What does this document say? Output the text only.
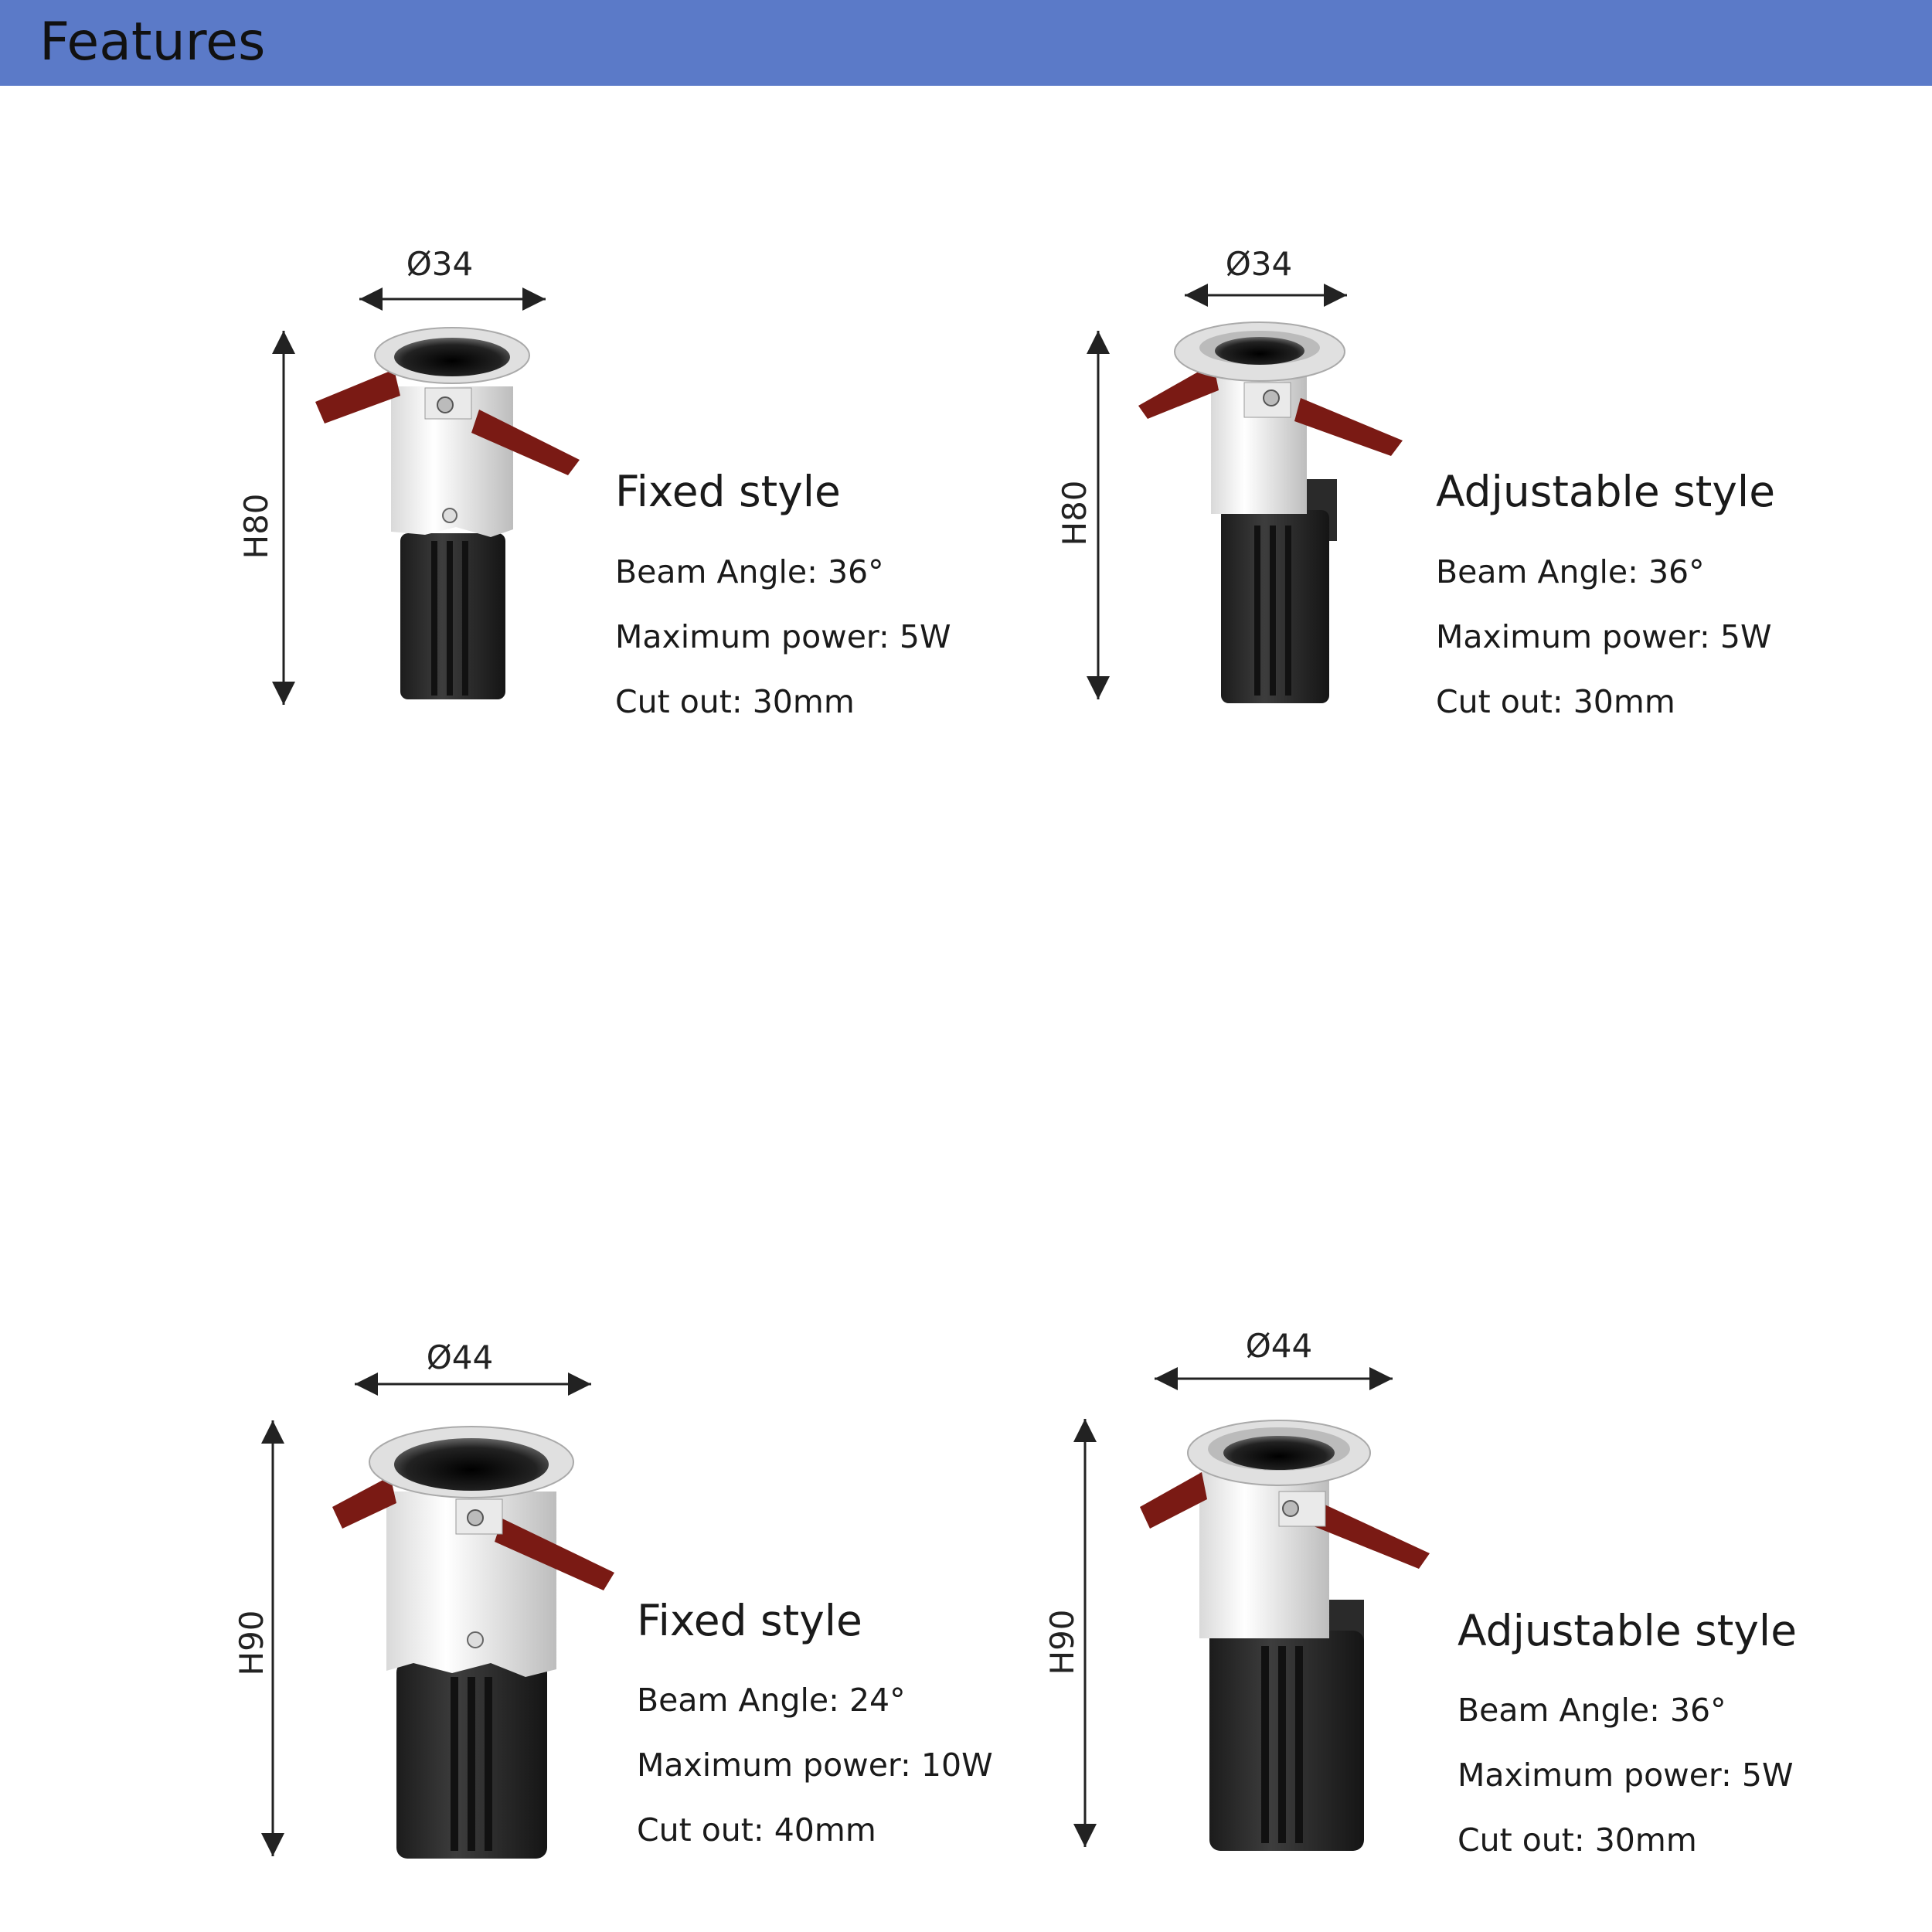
Features
Ø34
H80
Fixed style
Beam Angle: 36°
Maximum power: 5W
Cut out: 30mm
Ø34
H80	Adjustable style
Beam Angle: 36°
Maximum power: 5W
Cut out: 30mm
Ø44
H90	Fixed style
Beam Angle: 24°
Maximum power: 10W
Cut out: 40mm
Ø44
H90	Adjustable style
Beam Angle: 36°
Maximum power: 5W
Cut out: 30mm
